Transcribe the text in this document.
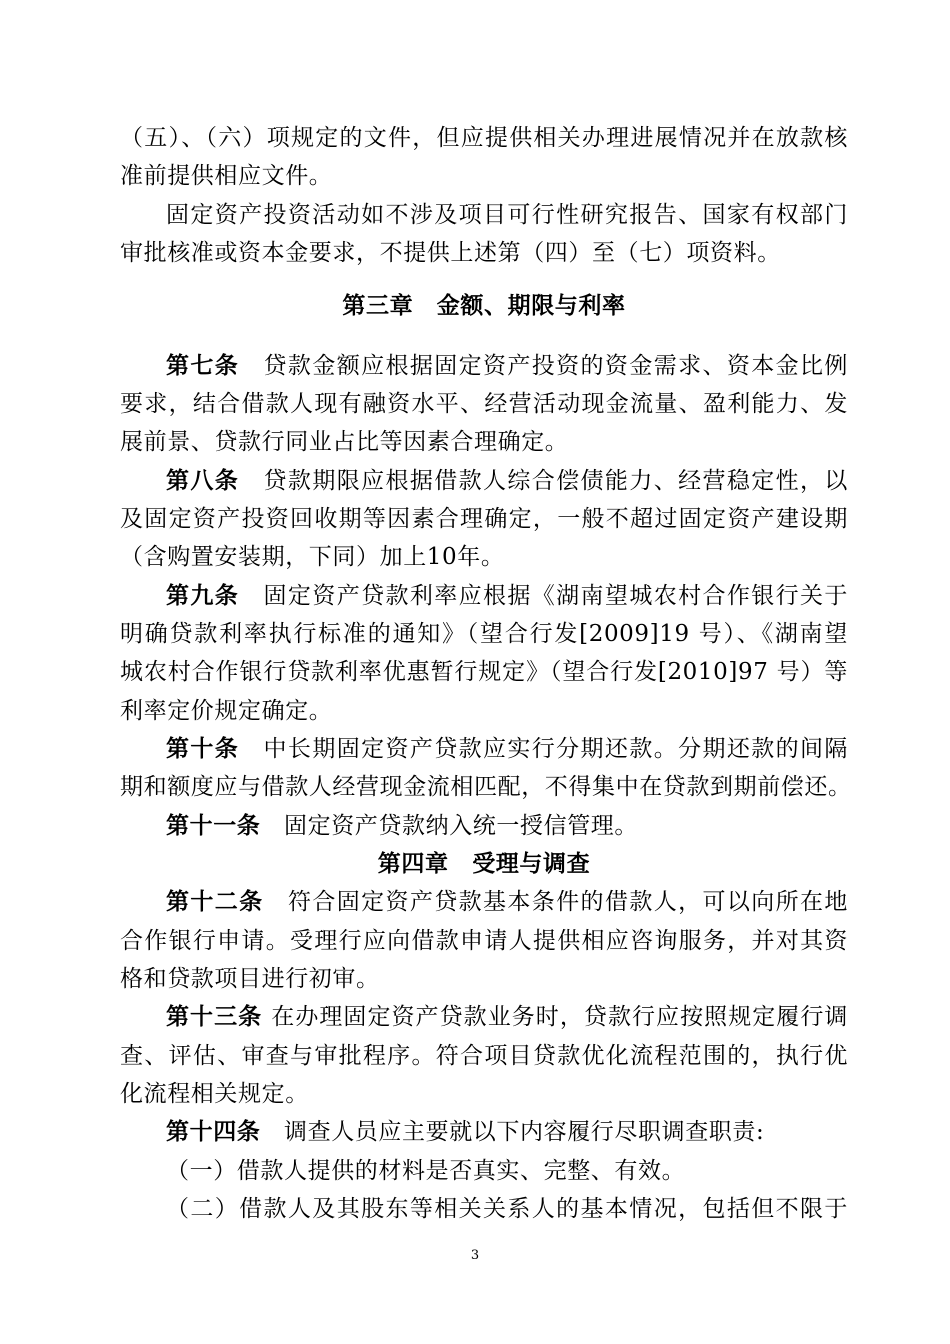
（五）、（六）项规定的文件，但应提供相关办理进展情况并在放款核
准前提供相应文件。
固定资产投资活动如不涉及项目可行性研究报告、国家有权部门
审批核准或资本金要求，不提供上述第（四）至（七）项资料。
第三章　金额、期限与利率
第七条　贷款金额应根据固定资产投资的资金需求、资本金比例
要求，结合借款人现有融资水平、经营活动现金流量、盈利能力、发
展前景、贷款行同业占比等因素合理确定。
第八条　贷款期限应根据借款人综合偿债能力、经营稳定性，以
及固定资产投资回收期等因素合理确定，一般不超过固定资产建设期
（含购置安装期，下同）加上10年。
第九条　固定资产贷款利率应根据《湖南望城农村合作银行关于
明确贷款利率执行标准的通知》（望合行发[2009]19 号）、《湖南望
城农村合作银行贷款利率优惠暂行规定》（望合行发[2010]97 号）等
利率定价规定确定。
第十条　中长期固定资产贷款应实行分期还款。分期还款的间隔
期和额度应与借款人经营现金流相匹配，不得集中在贷款到期前偿还。
第十一条　固定资产贷款纳入统一授信管理。
第四章　受理与调查
第十二条　符合固定资产贷款基本条件的借款人，可以向所在地
合作银行申请。受理行应向借款申请人提供相应咨询服务，并对其资
格和贷款项目进行初审。
第十三条 在办理固定资产贷款业务时，贷款行应按照规定履行调
查、评估、审查与审批程序。符合项目贷款优化流程范围的，执行优
化流程相关规定。
第十四条　调查人员应主要就以下内容履行尽职调查职责:
（一）借款人提供的材料是否真实、完整、有效。
（二）借款人及其股东等相关关系人的基本情况，包括但不限于
3
